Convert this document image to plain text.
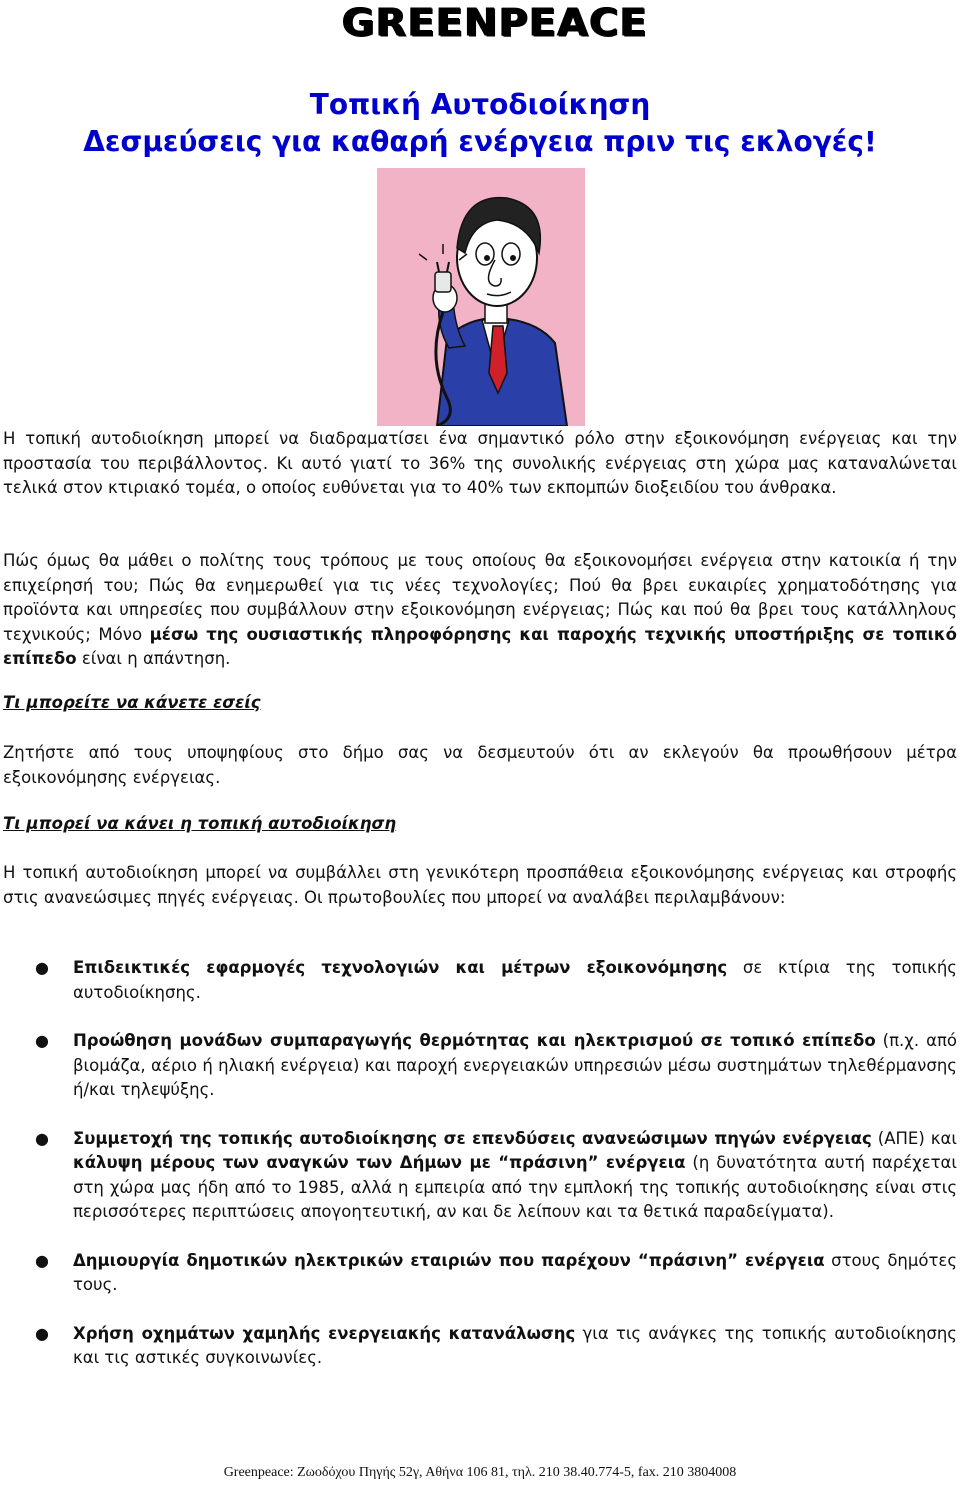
GREENPEACE
Τοπική Αυτοδιοίκηση
Δεσμεύσεις για καθαρή ενέργεια πριν τις εκλογές!

Η τοπική αυτοδιοίκηση μπορεί να διαδραματίσει ένα σημαντικό ρόλο στην εξοικονόμηση ενέργειας και την προστασία του περιβάλλοντος. Κι αυτό γιατί το 36% της συνολικής ενέργειας στη χώρα μας καταναλώνεται τελικά στον κτιριακό τομέα, ο οποίος ευθύνεται για το 40% των εκπομπών διοξειδίου του άνθρακα.

Πώς όμως θα μάθει ο πολίτης τους τρόπους με τους οποίους θα εξοικονομήσει ενέργεια στην κατοικία ή την επιχείρησή του; Πώς θα ενημερωθεί για τις νέες τεχνολογίες; Πού θα βρει ευκαιρίες χρηματοδότησης για προϊόντα και υπηρεσίες που συμβάλλουν στην εξοικονόμηση ενέργειας; Πώς και πού θα βρει τους κατάλληλους τεχνικούς; Μόνο μέσω της ουσιαστικής πληροφόρησης και παροχής τεχνικής υποστήριξης σε τοπικό επίπεδο είναι η απάντηση.

Τι μπορείτε να κάνετε εσείς

Ζητήστε από τους υποψηφίους στο δήμο σας να δεσμευτούν ότι αν εκλεγούν θα προωθήσουν μέτρα εξοικονόμησης ενέργειας.

Τι μπορεί να κάνει η τοπική αυτοδιοίκηση

Η τοπική αυτοδιοίκηση μπορεί να συμβάλλει στη γενικότερη προσπάθεια εξοικονόμησης ενέργειας και στροφής στις ανανεώσιμες πηγές ενέργειας. Οι πρωτοβουλίες που μπορεί να αναλάβει περιλαμβάνουν:

● Επιδεικτικές εφαρμογές τεχνολογιών και μέτρων εξοικονόμησης σε κτίρια της τοπικής αυτοδιοίκησης.
● Προώθηση μονάδων συμπαραγωγής θερμότητας και ηλεκτρισμού σε τοπικό επίπεδο (π.χ. από βιομάζα, αέριο ή ηλιακή ενέργεια) και παροχή ενεργειακών υπηρεσιών μέσω συστημάτων τηλεθέρμανσης ή/και τηλεψύξης.
● Συμμετοχή της τοπικής αυτοδιοίκησης σε επενδύσεις ανανεώσιμων πηγών ενέργειας (ΑΠΕ) και κάλυψη μέρους των αναγκών των Δήμων με “πράσινη” ενέργεια (η δυνατότητα αυτή παρέχεται στη χώρα μας ήδη από το 1985, αλλά η εμπειρία από την εμπλοκή της τοπικής αυτοδιοίκησης είναι στις περισσότερες περιπτώσεις απογοητευτική, αν και δε λείπουν και τα θετικά παραδείγματα).
● Δημιουργία δημοτικών ηλεκτρικών εταιριών που παρέχουν “πράσινη” ενέργεια στους δημότες τους.
● Χρήση οχημάτων χαμηλής ενεργειακής κατανάλωσης για τις ανάγκες της τοπικής αυτοδιοίκησης και τις αστικές συγκοινωνίες.
Greenpeace: Ζωοδόχου Πηγής 52γ, Αθήνα 106 81, τηλ. 210 38.40.774-5, fax. 210 3804008
